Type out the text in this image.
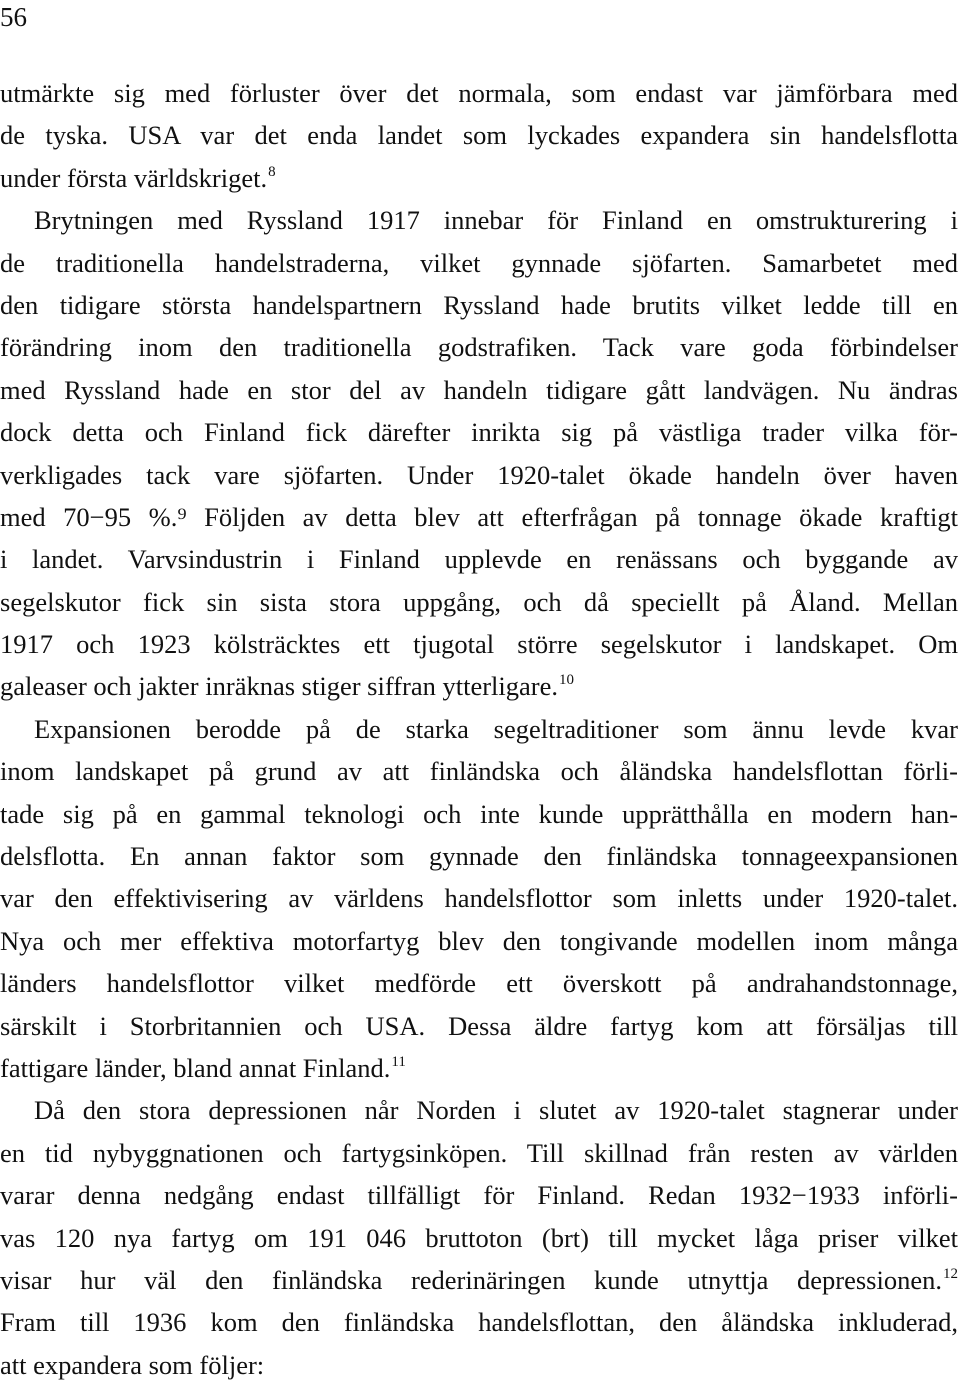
56
utmärkte sig med förluster över det normala, som endast var jämförbara med
de tyska. USA var det enda landet som lyckades expandera sin handelsflotta
under första världskriget.$^8$
Brytningen med Ryssland 1917 innebar för Finland en omstrukturering i
de traditionella handelstraderna, vilket gynnade sjöfarten. Samarbetet med
den tidigare största handelspartnern Ryssland hade brutits vilket ledde till en
förändring inom den traditionella godstrafiken. Tack vare goda förbindelser
med Ryssland hade en stor del av handeln tidigare gått landvägen. Nu ändras
dock detta och Finland fick därefter inrikta sig på västliga trader vilka för-
verkligades tack vare sjöfarten. Under 1920-talet ökade handeln över haven
med 70−95 %.⁹ Följden av detta blev att efterfrågan på tonnage ökade kraftigt
i landet. Varvsindustrin i Finland upplevde en renässans och byggande av
segelskutor fick sin sista stora uppgång, och då speciellt på Åland. Mellan
1917 och 1923 kölsträcktes ett tjugotal större segelskutor i landskapet. Om
galeaser och jakter inräknas stiger siffran ytterligare.$^{10}$
Expansionen berodde på de starka segeltraditioner som ännu levde kvar
inom landskapet på grund av att finländska och åländska handelsflottan förli-
tade sig på en gammal teknologi och inte kunde upprätthålla en modern han-
delsflotta. En annan faktor som gynnade den finländska tonnageexpansionen
var den effektivisering av världens handelsflottor som inletts under 1920-talet.
Nya och mer effektiva motorfartyg blev den tongivande modellen inom många
länders handelsflottor vilket medförde ett överskott på andrahandstonnage,
särskilt i Storbritannien och USA. Dessa äldre fartyg kom att försäljas till
fattigare länder, bland annat Finland.$^{11}$
Då den stora depressionen når Norden i slutet av 1920-talet stagnerar under
en tid nybyggnationen och fartygsinköpen. Till skillnad från resten av världen
varar denna nedgång endast tillfälligt för Finland. Redan 1932−1933 införli-
vas 120 nya fartyg om 191 046 bruttoton (brt) till mycket låga priser vilket
visar hur väl den finländska rederinäringen kunde utnyttja depressionen.$^{12}$
Fram till 1936 kom den finländska handelsflottan, den åländska inkluderad,
att expandera som följer:
